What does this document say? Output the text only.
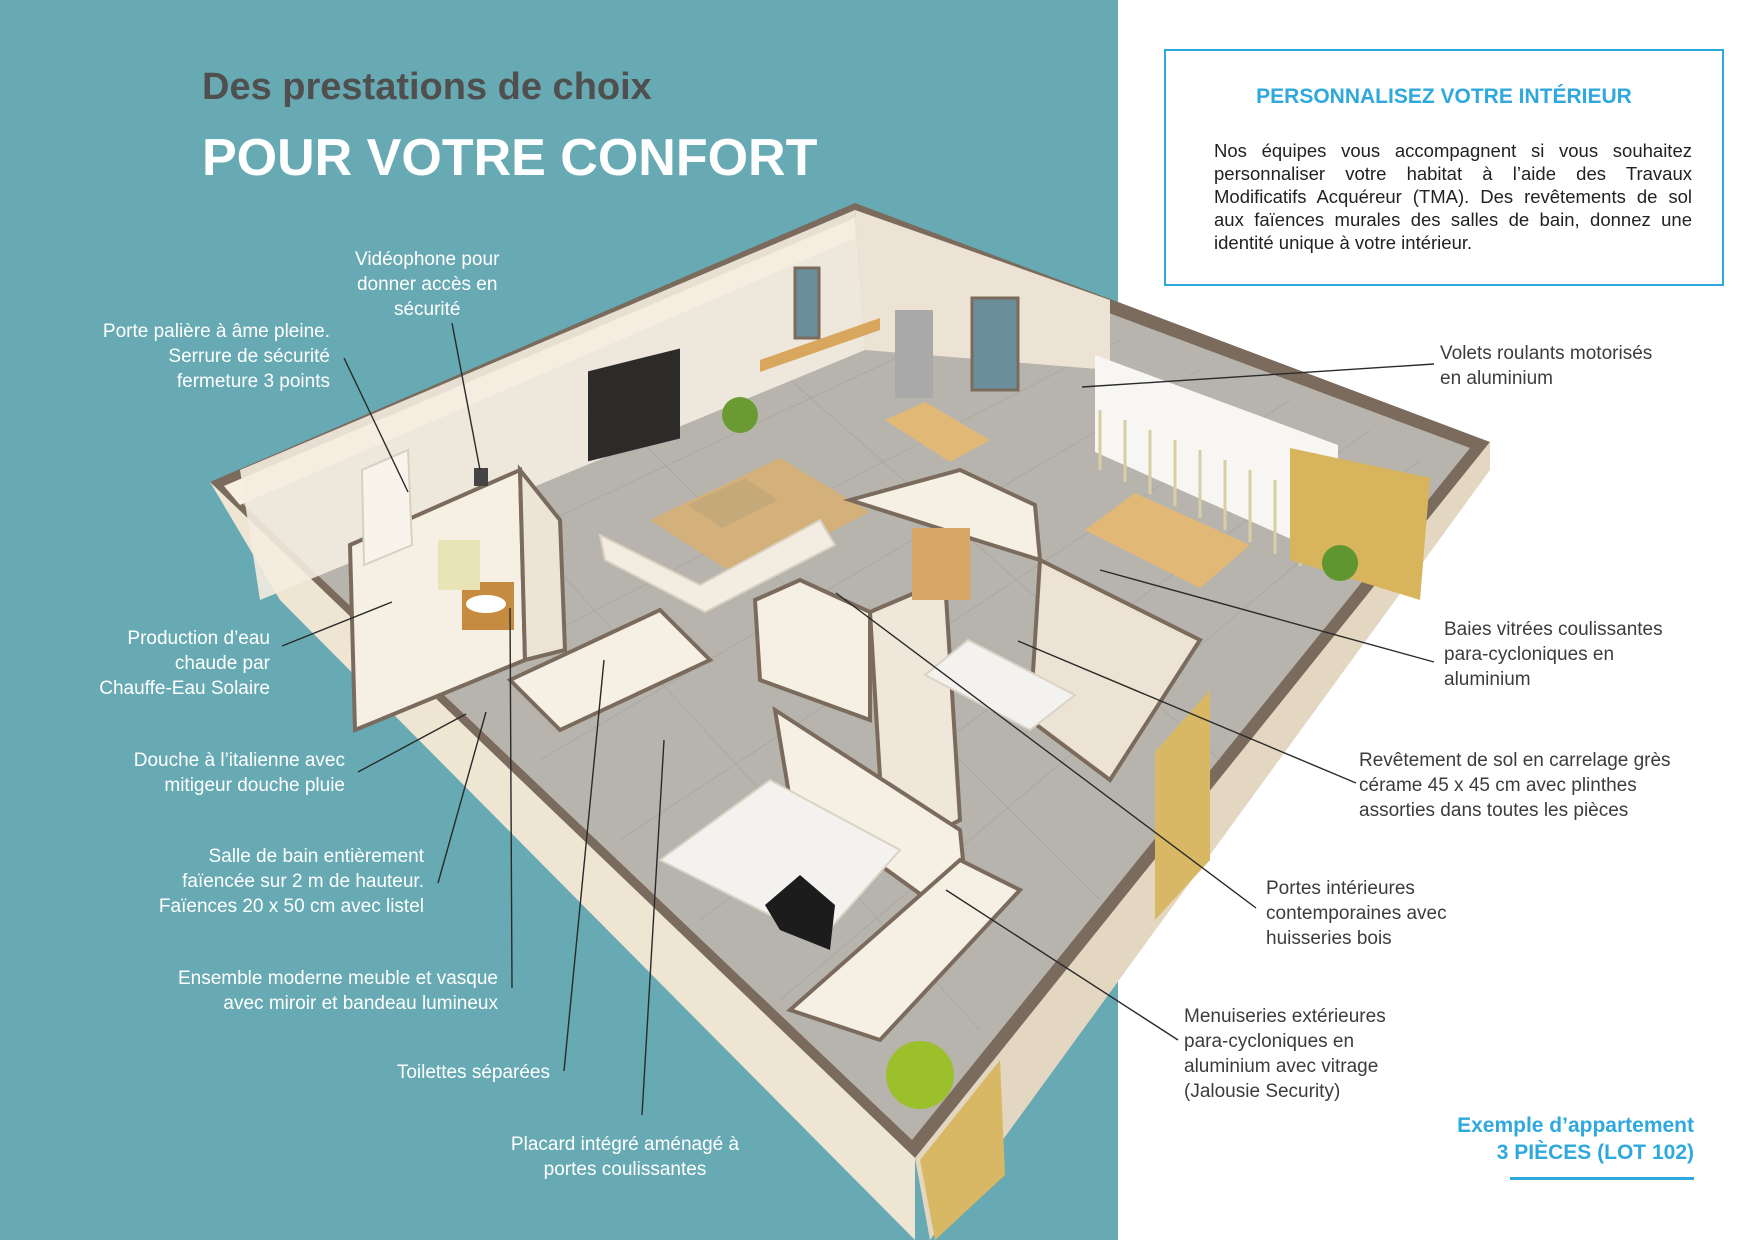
Des prestations de choix
POUR VOTRE CONFORT
Vidéophone pour
donner accès en
sécurité
Porte palière à âme pleine.
Serrure de sécurité
fermeture 3 points
Production d’eau
chaude par
Chauffe-Eau Solaire
Douche à l’italienne avec
mitigeur douche pluie
Salle de bain entièrement
faïencée sur 2 m de hauteur.
Faïences 20 x 50 cm avec listel
Ensemble moderne meuble et vasque
avec miroir et bandeau lumineux
Toilettes séparées
Placard intégré aménagé à
portes coulissantes
Volets roulants motorisés
en aluminium
Baies vitrées coulissantes
para-cycloniques en
aluminium
Revêtement de sol en carrelage grès
cérame 45 x 45 cm avec plinthes
assorties dans toutes les pièces
Portes intérieures
contemporaines avec
huisseries bois
Menuiseries extérieures
para-cycloniques en
aluminium avec vitrage
(Jalousie Security)
PERSONNALISEZ VOTRE INTÉRIEUR
Nos équipes vous accompagnent si vous souhaitez personnaliser votre habitat à l’aide des Travaux Modificatifs Acquéreur (TMA). Des revêtements de sol aux faïences murales des salles de bain, donnez une identité unique à votre intérieur.
Exemple d’appartement
3 PIÈCES (LOT 102)
